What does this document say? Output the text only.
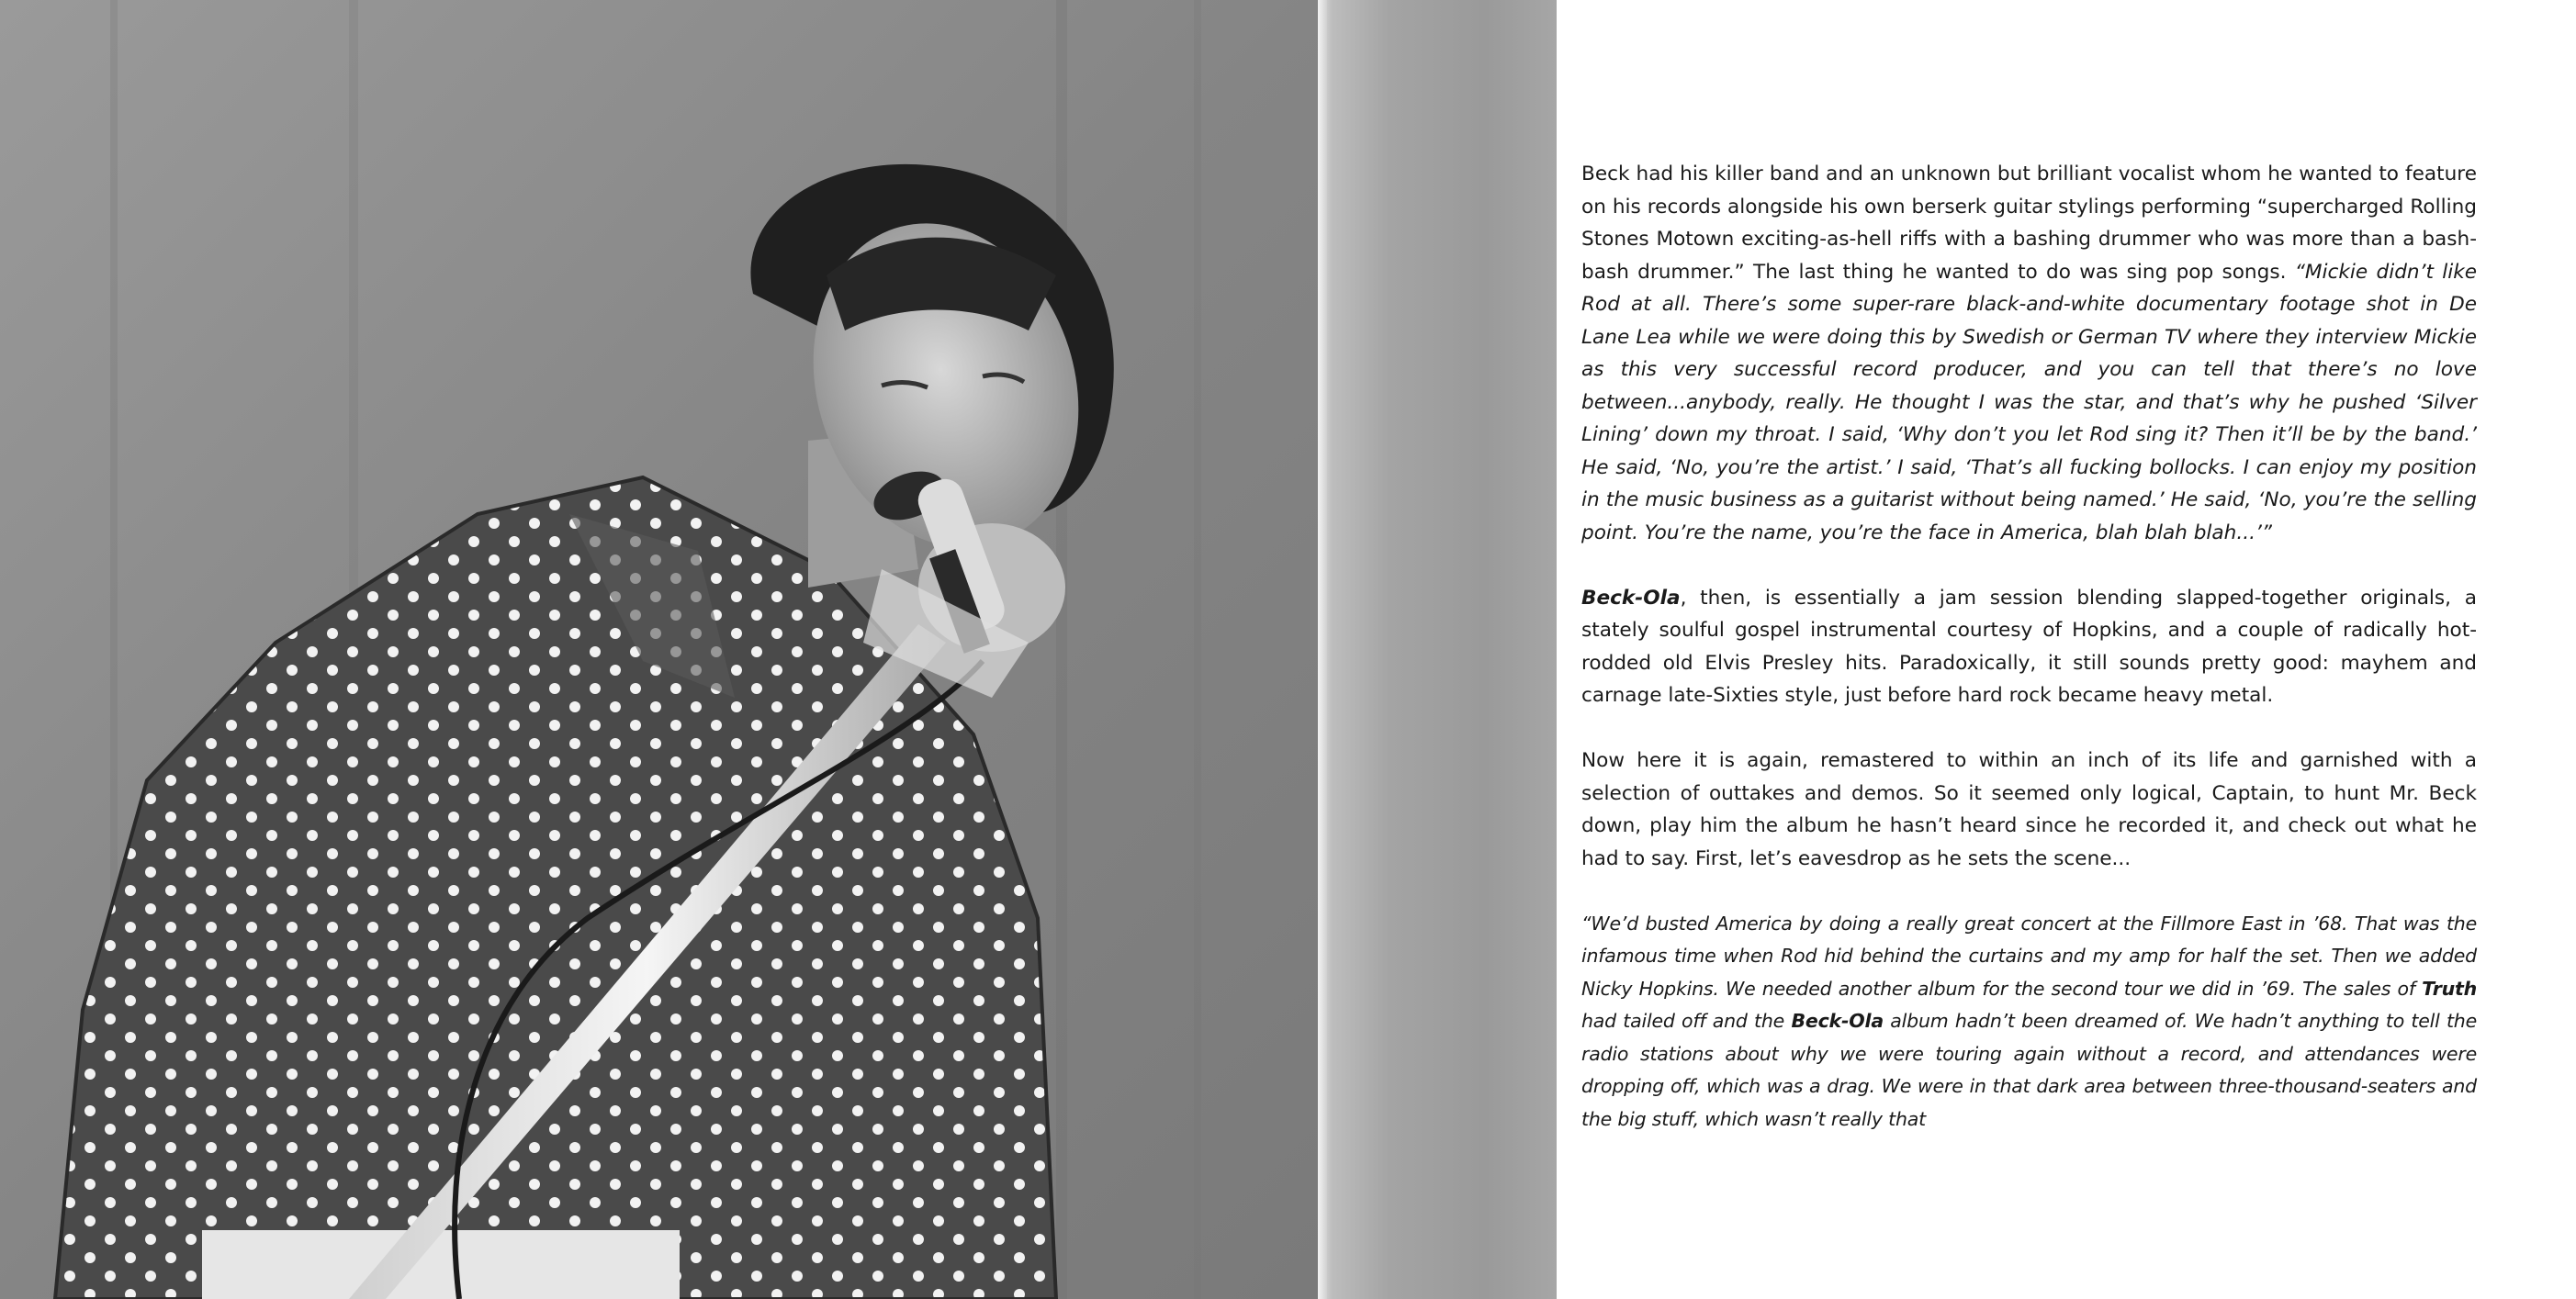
Beck had his killer band and an unknown but brilliant vocalist whom he wanted to feature on his records alongside his own berserk guitar stylings performing “supercharged Rolling Stones Motown exciting-as-hell riffs with a bashing drummer who was more than a bash-bash drummer.” The last thing he wanted to do was sing pop songs. “Mickie didn’t like Rod at all. There’s some super-rare black-and-white documentary footage shot in De Lane Lea while we were doing this by Swedish or German TV where they interview Mickie as this very successful record producer, and you can tell that there’s no love between...anybody, really. He thought I was the star, and that’s why he pushed ‘Silver Lining’ down my throat. I said, ‘Why don’t you let Rod sing it? Then it’ll be by the band.’ He said, ‘No, you’re the artist.’ I said, ‘That’s all fucking bollocks. I can enjoy my position in the music business as a guitarist without being named.’ He said, ‘No, you’re the selling point. You’re the name, you’re the face in America, blah blah blah...’”

Beck-Ola, then, is essentially a jam session blending slapped-together originals, a stately soulful gospel instrumental courtesy of Hopkins, and a couple of radically hot-rodded old Elvis Presley hits. Paradoxically, it still sounds pretty good: mayhem and carnage late-Sixties style, just before hard rock became heavy metal.

Now here it is again, remastered to within an inch of its life and garnished with a selection of outtakes and demos. So it seemed only logical, Captain, to hunt Mr. Beck down, play him the album he hasn’t heard since he recorded it, and check out what he had to say. First, let’s eavesdrop as he sets the scene...

“We’d busted America by doing a really great concert at the Fillmore East in ’68. That was the infamous time when Rod hid behind the curtains and my amp for half the set. Then we added Nicky Hopkins. We needed another album for the second tour we did in ’69. The sales of Truth had tailed off and the Beck-Ola album hadn’t been dreamed of. We hadn’t anything to tell the radio stations about why we were touring again without a record, and attendances were dropping off, which was a drag. We were in that dark area between three-thousand-seaters and the big stuff, which wasn’t really that
